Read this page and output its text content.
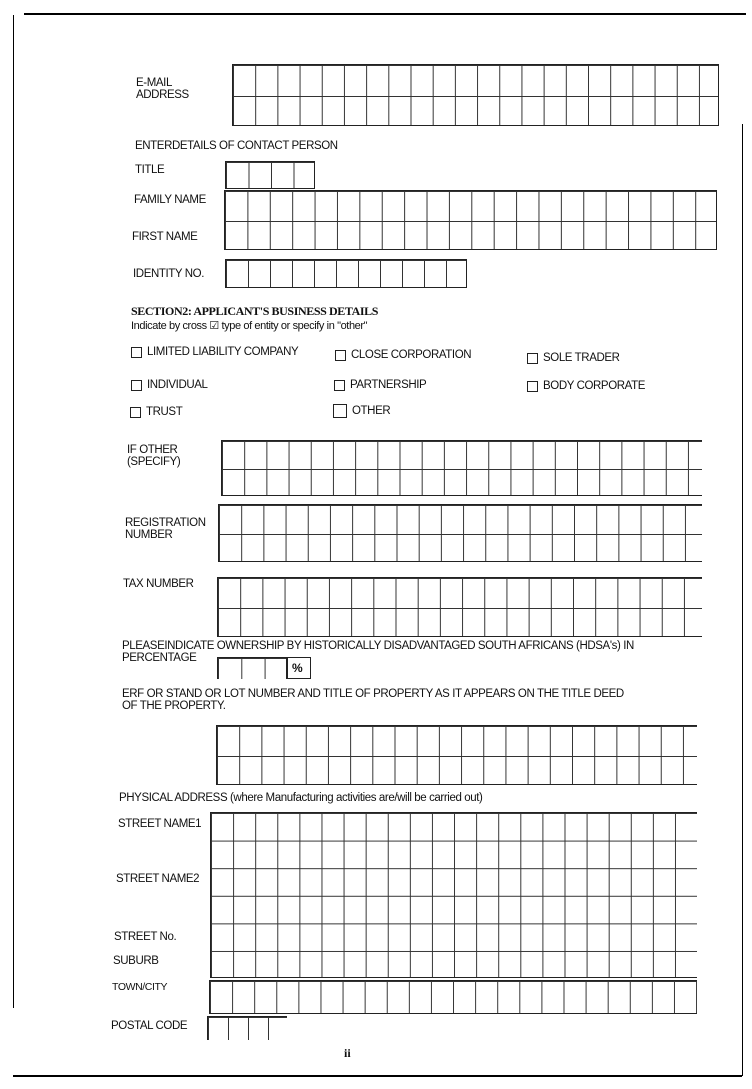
E-MAIL
ADDRESS
ENTERDETAILS OF CONTACT PERSON
TITLE
FAMILY NAME
FIRST NAME
IDENTITY NO.
SECTION2: APPLICANT'S BUSINESS DETAILS
Indicate by cross ☑ type of entity or specify in "other"
LIMITED LIABILITY COMPANY	CLOSE CORPORATION	SOLE TRADER
INDIVIDUAL	PARTNERSHIP	BODY CORPORATE
TRUST	OTHER
IF OTHER
(SPECIFY)
REGISTRATION
NUMBER
TAX NUMBER
PLEASEINDICATE OWNERSHIP BY HISTORICALLY DISADVANTAGED SOUTH AFRICANS (HDSA's) IN
PERCENTAGE
%
ERF OR STAND OR LOT NUMBER AND TITLE OF PROPERTY AS IT APPEARS ON THE TITLE DEED
OF THE PROPERTY.
PHYSICAL ADDRESS (where Manufacturing activities are/will be carried out)
STREET NAME1
STREET NAME2
STREET No.
SUBURB
TOWN/CITY
POSTAL CODE
ii
